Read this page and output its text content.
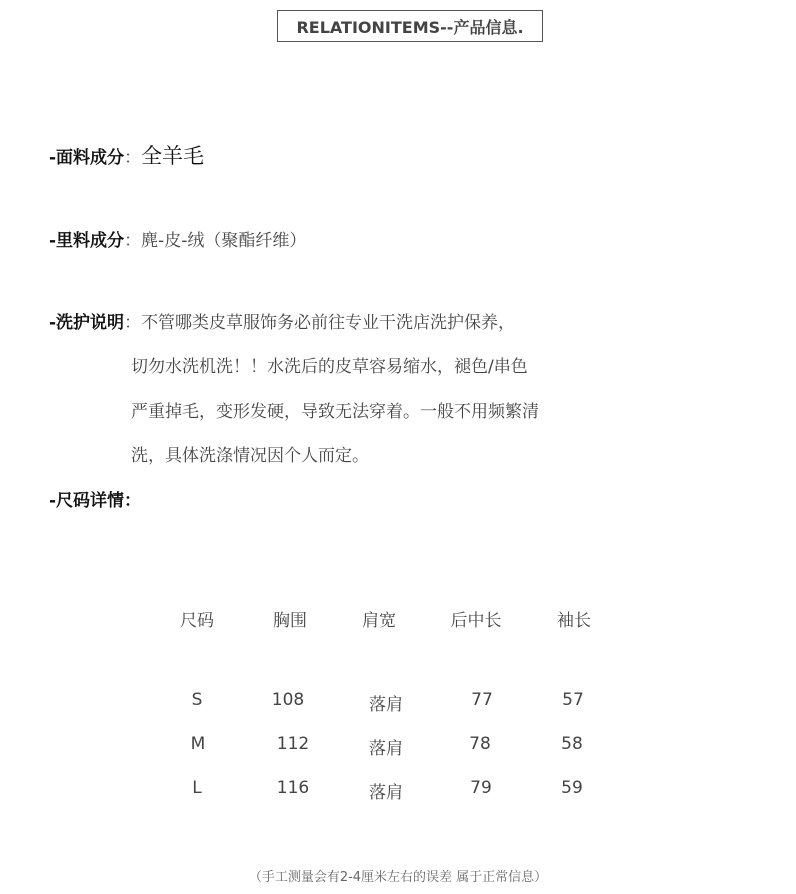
RELATIONITEMS--产品信息.
-面料成分：全羊毛
-里料成分：麂-皮-绒（聚酯纤维）
-洗护说明：不管哪类皮草服饰务必前往专业干洗店洗护保养，
切勿水洗机洗！！水洗后的皮草容易缩水，褪色/串色
严重掉毛，变形发硬，导致无法穿着。一般不用频繁清
洗，具体洗涤情况因个人而定。
-尺码详情：
尺码	胸围	肩宽	后中长	袖长
S	108	落肩	77	57
M	112	落肩	78	58
L	116	落肩	79	59
（手工测量会有2-4厘米左右的误差 属于正常信息）
